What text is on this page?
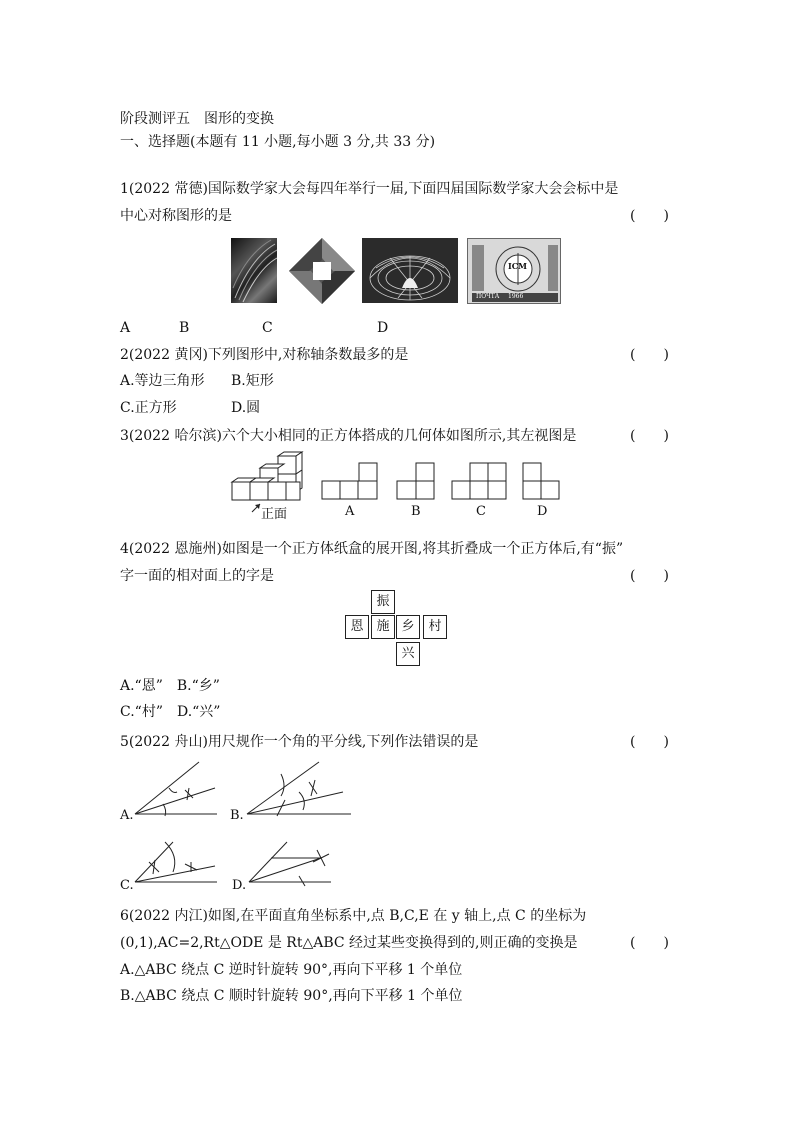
阶段测评五　图形的变换
一、选择题(本题有 11 小题,每小题 3 分,共 33 分)
1(2022 常德)国际数学家大会每四年举行一届,下面四届国际数学家大会会标中是
中心对称图形的是	(　　)
ICM
ПОЧТА 1966
A	B	C	D
2(2022 黄冈)下列图形中,对称轴条数最多的是	(　　)
A.等边三角形 B.矩形
C.正方形	D.圆
3(2022 哈尔滨)六个大小相同的正方体搭成的几何体如图所示,其左视图是	(　　)
正面	A	B	C	D
4(2022 恩施州)如图是一个正方体纸盒的展开图,将其折叠成一个正方体后,有“振”
字一面的相对面上的字是	(　　)
振
恩 施 乡	村
兴
A.“恩”　B.“乡”
C.“村”　D.“兴”
5(2022 舟山)用尺规作一个角的平分线,下列作法错误的是	(　　)
A.	B.
C.	D.
6(2022 内江)如图,在平面直角坐标系中,点 B,C,E 在 y 轴上,点 C 的坐标为
(0,1),AC=2,Rt△ODE 是 Rt△ABC 经过某些变换得到的,则正确的变换是	(　　)
A.△ABC 绕点 C 逆时针旋转 90°,再向下平移 1 个单位
B.△ABC 绕点 C 顺时针旋转 90°,再向下平移 1 个单位
